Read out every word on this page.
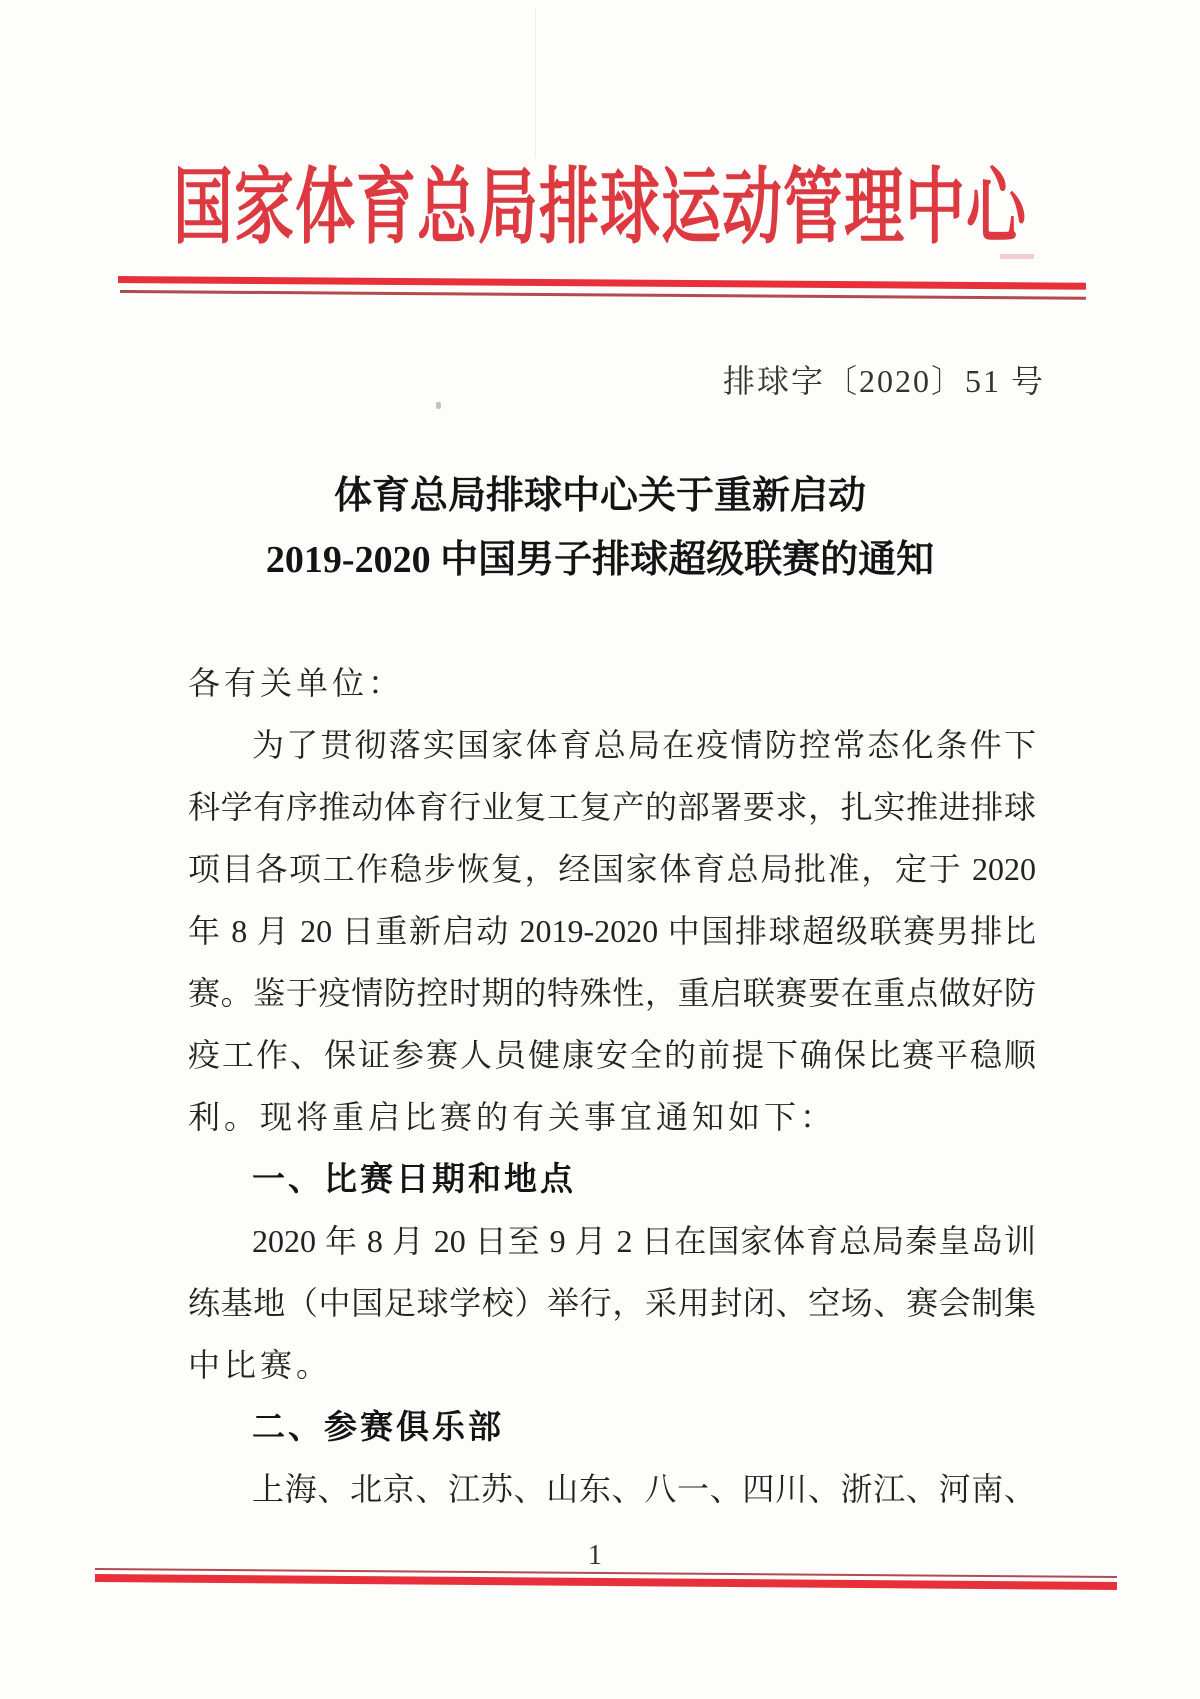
国家体育总局排球运动管理中心
排球字〔2020〕51 号
体育总局排球中心关于重新启动
2019-2020 中国男子排球超级联赛的通知
各有关单位：
为了贯彻落实国家体育总局在疫情防控常态化条件下
科学有序推动体育行业复工复产的部署要求，扎实推进排球
项目各项工作稳步恢复，经国家体育总局批准，定于 2020
年 8 月 20 日重新启动 2019-2020 中国排球超级联赛男排比
赛。鉴于疫情防控时期的特殊性，重启联赛要在重点做好防
疫工作、保证参赛人员健康安全的前提下确保比赛平稳顺
利。现将重启比赛的有关事宜通知如下：
一、比赛日期和地点
2020 年 8 月 20 日至 9 月 2 日在国家体育总局秦皇岛训
练基地（中国足球学校）举行，采用封闭、空场、赛会制集
中比赛。
二、参赛俱乐部
上海、北京、江苏、山东、八一、四川、浙江、河南、
1
